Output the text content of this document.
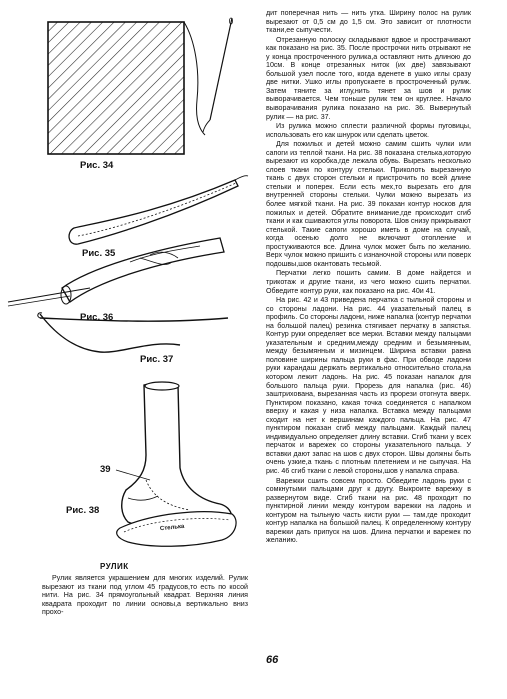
Рис. 34
Рис. 35
Рис. 36
Рис. 37
39
Рис. 38
Стелька
РУЛИК

Рулик является украшением для многих изделий. Рулик вырезают из ткани под углом 45 градусов,то есть по косой нити. На рис. 34 прямоугольный квадрат. Верхняя линия квадрата проходит по линии основы,а вертикально вниз прохо-

дит поперечная нить — нить утка. Ширину полос на рулик вырезают от 0,5 см до 1,5 см. Это зависит от плотности ткани,ее сыпучести.

Отрезанную полоску складывают вдвое и прострачивают как показано на рис. 35. После прострочки нить отрывают не у конца простроченного рулика,а оставляют нить длиною до 10см. В конце отрезанных ниток (их две) завязывают большой узел после того, когда вденете в ушко иглы сразу две нитки. Ушко иглы пропускаете в простроченный рулик. Затем тяните за иглу,нить тянет за шов и рулик выворачивается. Чем тоньше рулик тем он круглее. Начало выворачивания рулика показано на рис. 36. Вывернутый рулик — на рис. 37.

Из рулика можно сплести различной формы пуговицы, использовать его как шнурок или сделать цветок.

Для пожилых и детей можно самим сшить чулки или сапоги из теплой ткани. На рис. 38 показана стелька,которую вырезают из коробка,где лежала обувь. Вырезать несколько слоев ткани по контуру стельки. Приколоть вырезанную ткань с двух сторон стельки и пристрочить по всей длине стельки и поперек. Если есть мех,то вырезать его для внутренней стороны стельки. Чулки можно вырезать из более мягкой ткани. На рис. 39 показан контур носков для пожилых и детей. Обратите внимание,где происходит сгиб ткани и как сшиваются углы поворота. Шов снизу прикрывают стелькой. Такие сапоги хорошо иметь в доме на случай, когда осенью долго не включают отопление и простуживаются все. Длина чулок может быть по желанию. Верх чулок можно пришить с изнаночной стороны или поверх подошвы,шов окантовать тесьмой.

Перчатки легко пошить самим. В доме найдется и трикотаж и другие ткани, из чего можно сшить перчатки. Обведите контур руки, как показано на рис. 40и 41.

На рис. 42 и 43 приведена перчатка с тыльной стороны и со стороны ладони. На рис. 44 указательный палец в профиль. Со стороны ладони, ниже напалка (контур перчатки на большой палец) резинка стягивает перчатку в запястья. Контур руки определяет все мерки. Вставки между пальцами указательным и средним,между средним и безымянным, между безымянным и мизинцем. Ширина вставки равна половине ширины пальца руки в фас. При обводе ладони руки карандаш держать вертикально относительно стола,на котором лежит ладонь. На рис. 45 показан напалок для большого пальца руки. Прорезь для напалка (рис. 46) заштрихована, вырезанная часть из прорези отогнута вверх. Пунктиром показано, какая точка соединяется с напалком вверху и какая у низа напалка. Вставка между пальцами сходит на нет к вершинам каждого пальца. На рис. 47 пунктиром показан сгиб между пальцами. Каждый палец индивидуально определяет длину вставки. Сгиб ткани у всех перчаток и варежек со стороны указательного пальца. У вставки дают запас на шов с двух сторон. Швы должны быть очень узкие,а ткань с плотным плетением и не сыпучая. На рис. 46 сгиб ткани с левой стороны,шов у напалка справа.

Варежки сшить совсем просто. Обведите ладонь руки с сомкнутыми пальцами друг к другу. Выкроите варежку в развернутом виде. Сгиб ткани на рис. 48 проходит по пунктирной линии между контуром варежки на ладонь и контуром на тыльную часть кисти руки — там,где проходит контур напалка на большой палец. К определенному контуру варежки дать припуск на шов. Длина перчатки и варежек по желанию.

66
